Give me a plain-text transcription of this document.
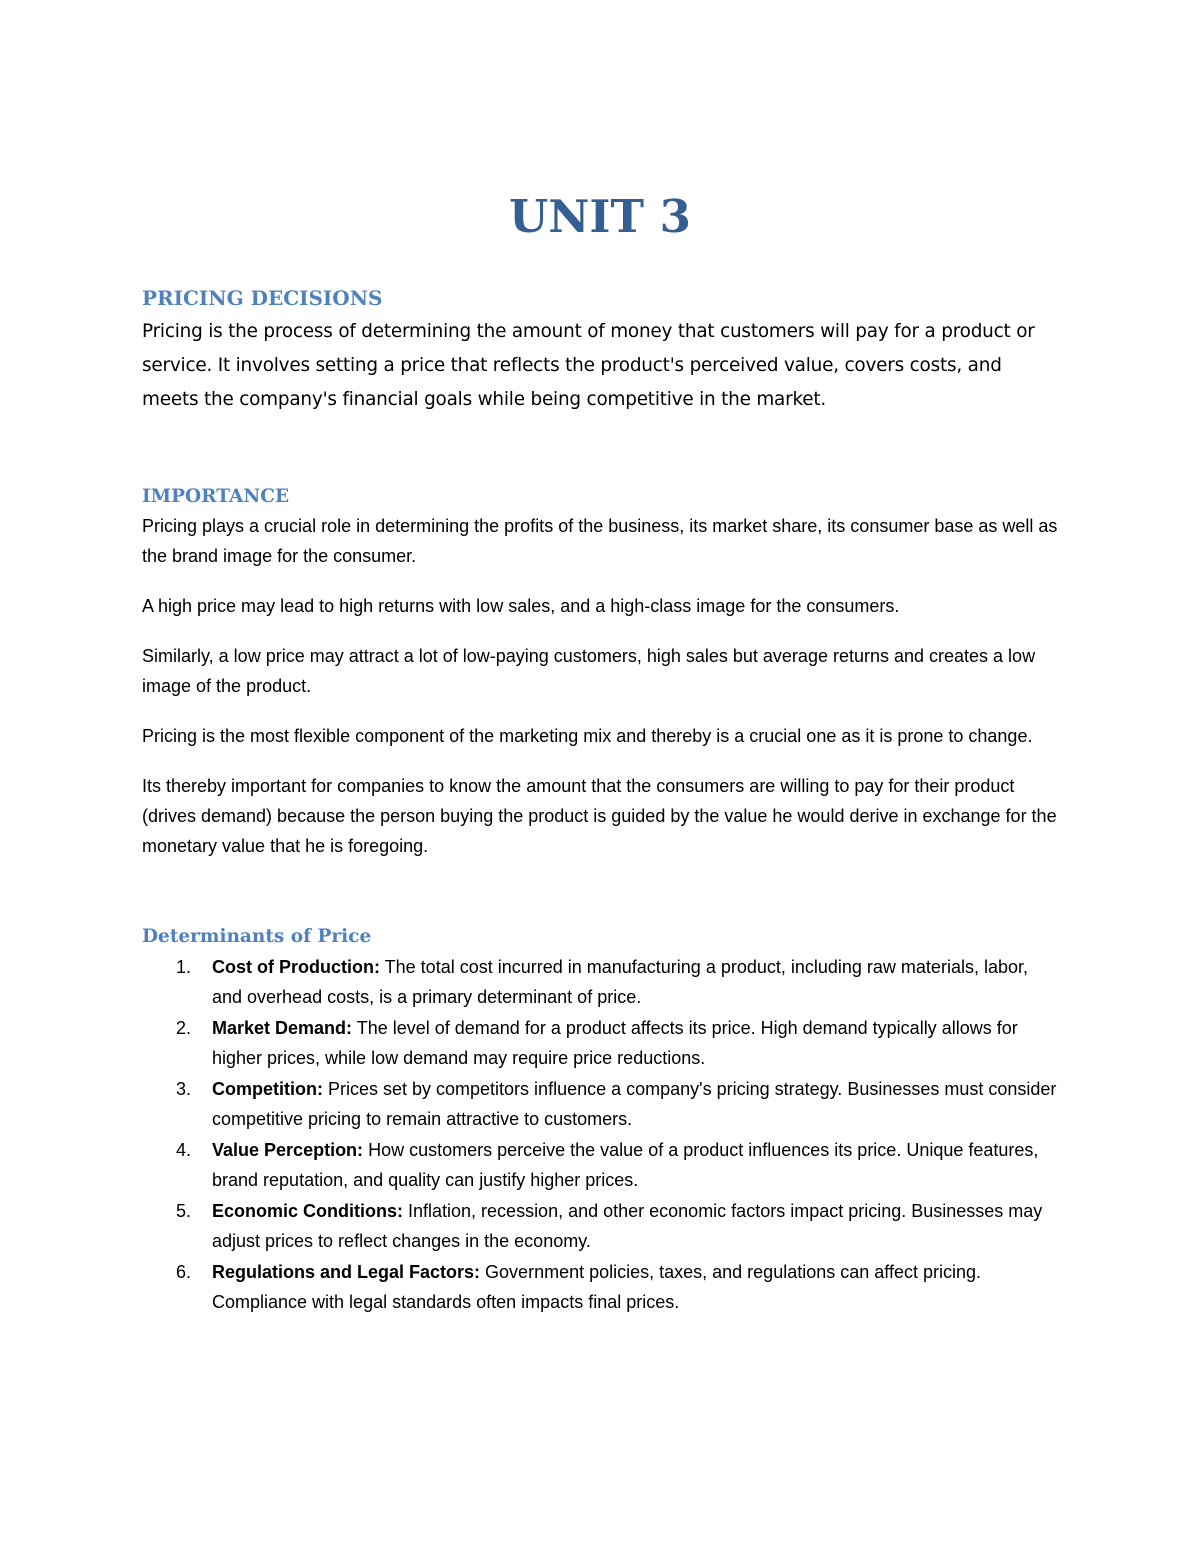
UNIT 3
PRICING DECISIONS

Pricing is the process of determining the amount of money that customers will pay for a product or service. It involves setting a price that reflects the product's perceived value, covers costs, and meets the company's financial goals while being competitive in the market.

IMPORTANCE

Pricing plays a crucial role in determining the profits of the business, its market share, its consumer base as well as the brand image for the consumer.

A high price may lead to high returns with low sales, and a high-class image for the consumers.

Similarly, a low price may attract a lot of low-paying customers, high sales but average returns and creates a low image of the product.

Pricing is the most flexible component of the marketing mix and thereby is a crucial one as it is prone to change.

Its thereby important for companies to know the amount that the consumers are willing to pay for their product (drives demand) because the person buying the product is guided by the value he would derive in exchange for the monetary value that he is foregoing.

Determinants of Price
1. Cost of Production: The total cost incurred in manufacturing a product, including raw materials, labor, and overhead costs, is a primary determinant of price.
2. Market Demand: The level of demand for a product affects its price. High demand typically allows for higher prices, while low demand may require price reductions.
3. Competition: Prices set by competitors influence a company's pricing strategy. Businesses must consider competitive pricing to remain attractive to customers.
4. Value Perception: How customers perceive the value of a product influences its price. Unique features, brand reputation, and quality can justify higher prices.
5. Economic Conditions: Inflation, recession, and other economic factors impact pricing. Businesses may adjust prices to reflect changes in the economy.
6. Regulations and Legal Factors: Government policies, taxes, and regulations can affect pricing. Compliance with legal standards often impacts final prices.
